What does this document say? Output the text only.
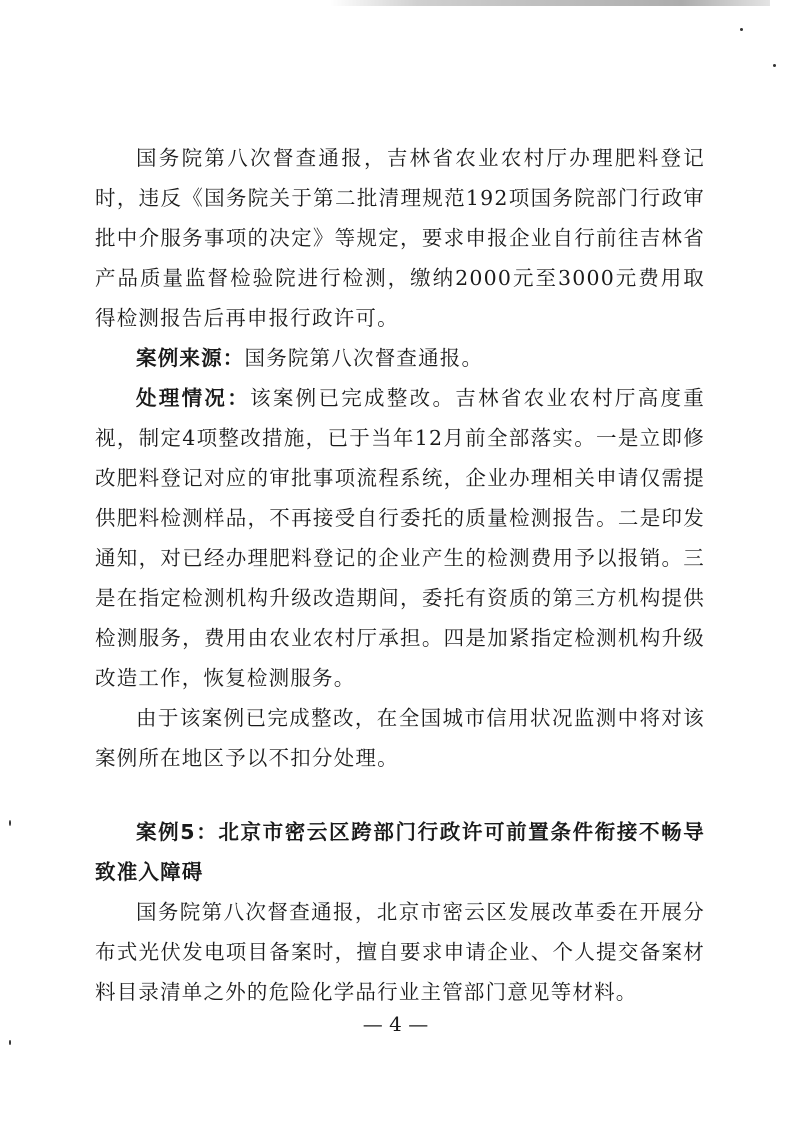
国务院第八次督查通报，吉林省农业农村厅办理肥料登记时，违反《国务院关于第二批清理规范192项国务院部门行政审批中介服务事项的决定》等规定，要求申报企业自行前往吉林省产品质量监督检验院进行检测，缴纳2000元至3000元费用取得检测报告后再申报行政许可。

案例来源：国务院第八次督查通报。

处理情况：该案例已完成整改。吉林省农业农村厅高度重视，制定4项整改措施，已于当年12月前全部落实。一是立即修改肥料登记对应的审批事项流程系统，企业办理相关申请仅需提供肥料检测样品，不再接受自行委托的质量检测报告。二是印发通知，对已经办理肥料登记的企业产生的检测费用予以报销。三是在指定检测机构升级改造期间，委托有资质的第三方机构提供检测服务，费用由农业农村厅承担。四是加紧指定检测机构升级改造工作，恢复检测服务。

由于该案例已完成整改，在全国城市信用状况监测中将对该案例所在地区予以不扣分处理。

案例5：北京市密云区跨部门行政许可前置条件衔接不畅导致准入障碍

国务院第八次督查通报，北京市密云区发展改革委在开展分布式光伏发电项目备案时，擅自要求申请企业、个人提交备案材料目录清单之外的危险化学品行业主管部门意见等材料。

— 4 —
